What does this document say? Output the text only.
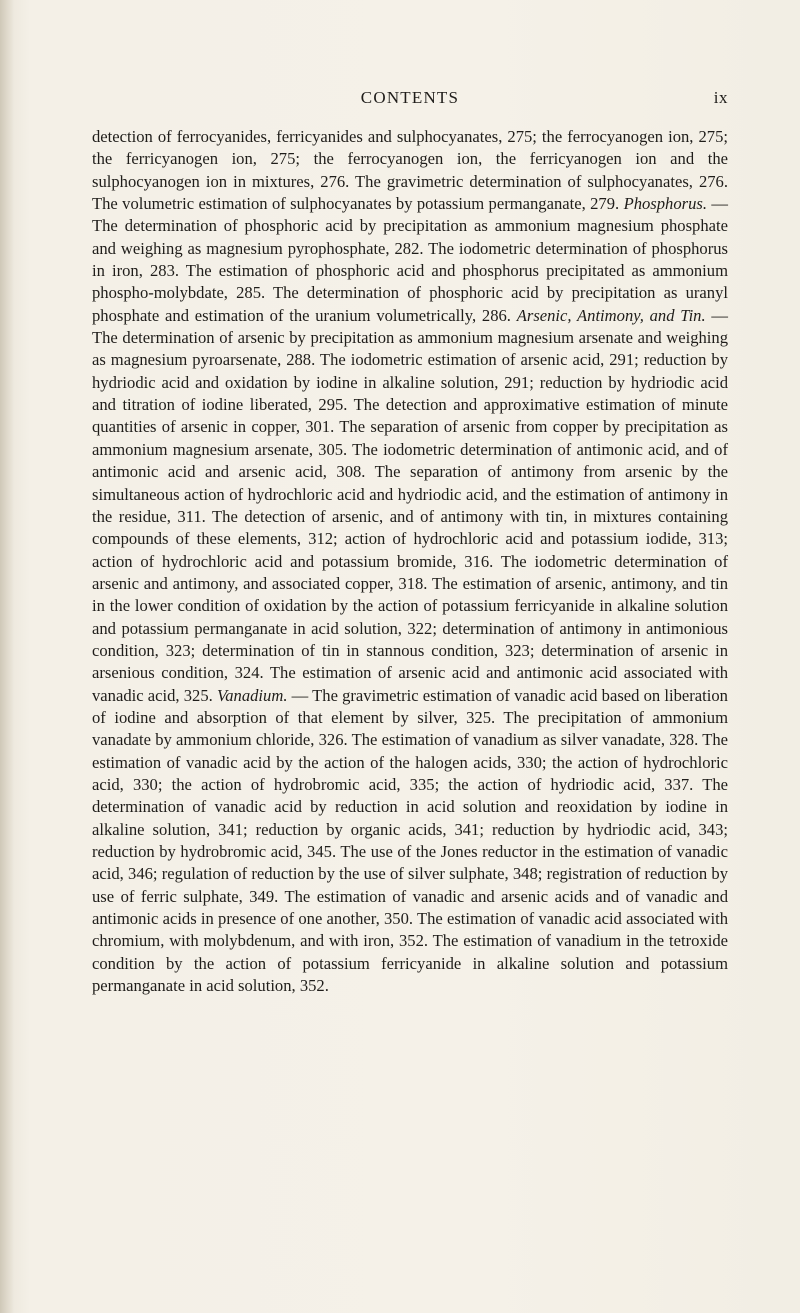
CONTENTS	ix

detection of ferrocyanides, ferricyanides and sulphocyanates, 275; the ferrocyanogen ion, 275; the ferricyanogen ion, 275; the ferrocyanogen ion, the ferricyanogen ion and the sulphocyanogen ion in mixtures, 276. The gravimetric determination of sulphocyanates, 276. The volumetric estimation of sulphocyanates by potassium permanganate, 279. Phosphorus. — The determination of phosphoric acid by precipitation as ammonium magnesium phosphate and weighing as magnesium pyrophosphate, 282. The iodometric determination of phosphorus in iron, 283. The estimation of phosphoric acid and phosphorus precipitated as ammonium phospho-molybdate, 285. The determination of phosphoric acid by precipitation as uranyl phosphate and estimation of the uranium volumetrically, 286. Arsenic, Antimony, and Tin. — The determination of arsenic by precipitation as ammonium magnesium arsenate and weighing as magnesium pyroarsenate, 288. The iodometric estimation of arsenic acid, 291; reduction by hydriodic acid and oxidation by iodine in alkaline solution, 291; reduction by hydriodic acid and titration of iodine liberated, 295. The detection and approximative estimation of minute quantities of arsenic in copper, 301. The separation of arsenic from copper by precipitation as ammonium magnesium arsenate, 305. The iodometric determination of antimonic acid, and of antimonic acid and arsenic acid, 308. The separation of antimony from arsenic by the simultaneous action of hydrochloric acid and hydriodic acid, and the estimation of antimony in the residue, 311. The detection of arsenic, and of antimony with tin, in mixtures containing compounds of these elements, 312; action of hydrochloric acid and potassium iodide, 313; action of hydrochloric acid and potassium bromide, 316. The iodometric determination of arsenic and antimony, and associated copper, 318. The estimation of arsenic, antimony, and tin in the lower condition of oxidation by the action of potassium ferricyanide in alkaline solution and potassium permanganate in acid solution, 322; determination of antimony in antimonious condition, 323; determination of tin in stannous condition, 323; determination of arsenic in arsenious condition, 324. The estimation of arsenic acid and antimonic acid associated with vanadic acid, 325. Vanadium. — The gravimetric estimation of vanadic acid based on liberation of iodine and absorption of that element by silver, 325. The precipitation of ammonium vanadate by ammonium chloride, 326. The estimation of vanadium as silver vanadate, 328. The estimation of vanadic acid by the action of the halogen acids, 330; the action of hydrochloric acid, 330; the action of hydrobromic acid, 335; the action of hydriodic acid, 337. The determination of vanadic acid by reduction in acid solution and reoxidation by iodine in alkaline solution, 341; reduction by organic acids, 341; reduction by hydriodic acid, 343; reduction by hydrobromic acid, 345. The use of the Jones reductor in the estimation of vanadic acid, 346; regulation of reduction by the use of silver sulphate, 348; registration of reduction by use of ferric sulphate, 349. The estimation of vanadic and arsenic acids and of vanadic and antimonic acids in presence of one another, 350. The estimation of vanadic acid associated with chromium, with molybdenum, and with iron, 352. The estimation of vanadium in the tetroxide condition by the action of potassium ferricyanide in alkaline solution and potassium permanganate in acid solution, 352.
